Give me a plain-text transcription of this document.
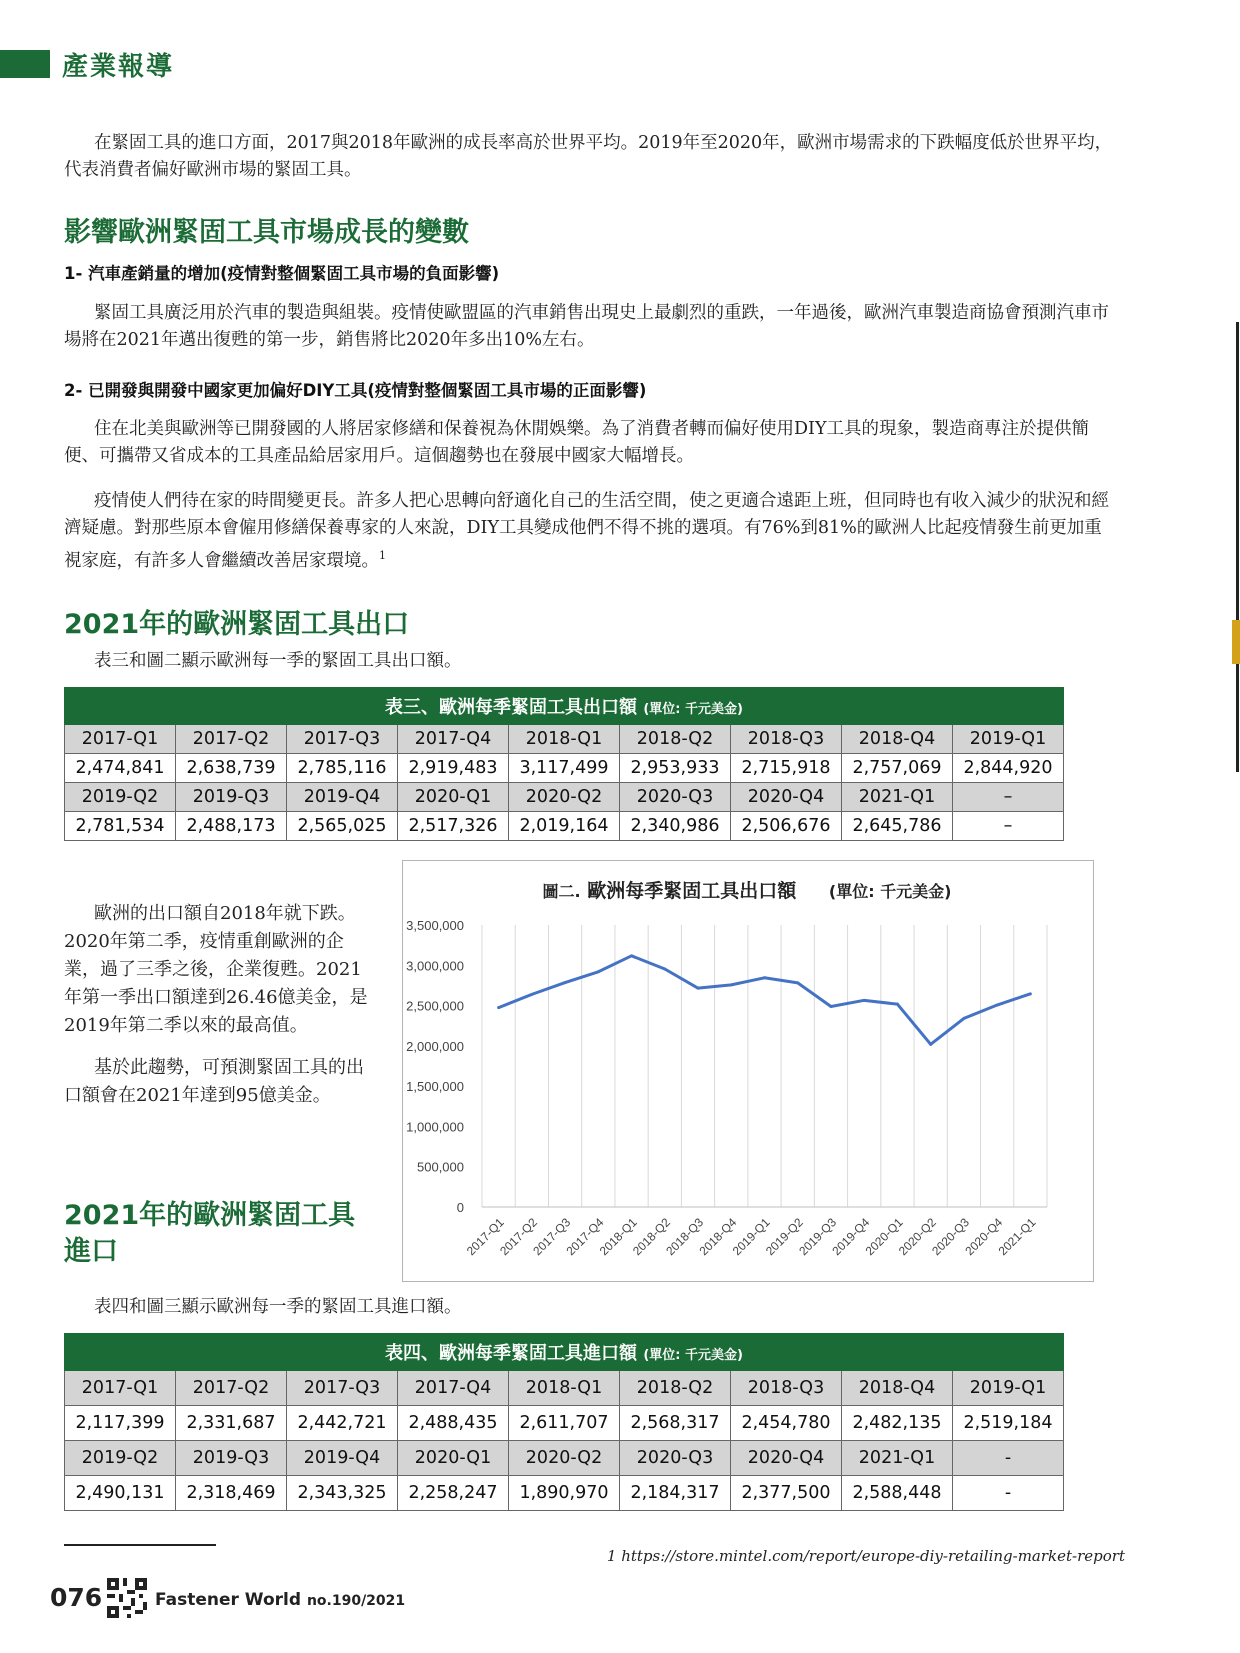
產業報導

在緊固工具的進口方面，2017與2018年歐洲的成長率高於世界平均。2019年至2020年，歐洲市場需求的下跌幅度低於世界平均，代表消費者偏好歐洲市場的緊固工具。

影響歐洲緊固工具市場成長的變數
1- 汽車產銷量的增加(疫情對整個緊固工具市場的負面影響)

緊固工具廣泛用於汽車的製造與組裝。疫情使歐盟區的汽車銷售出現史上最劇烈的重跌，一年過後，歐洲汽車製造商協會預測汽車市場將在2021年邁出復甦的第一步，銷售將比2020年多出10%左右。

2- 已開發與開發中國家更加偏好DIY工具(疫情對整個緊固工具市場的正面影響)

住在北美與歐洲等已開發國的人將居家修繕和保養視為休閒娛樂。為了消費者轉而偏好使用DIY工具的現象，製造商專注於提供簡便、可攜帶又省成本的工具產品給居家用戶。這個趨勢也在發展中國家大幅增長。

疫情使人們待在家的時間變更長。許多人把心思轉向舒適化自己的生活空間，使之更適合遠距上班，但同時也有收入減少的狀況和經濟疑慮。對那些原本會僱用修繕保養專家的人來說，DIY工具變成他們不得不挑的選項。有76%到81%的歐洲人比起疫情發生前更加重視家庭，有許多人會繼續改善居家環境。$^1$

2021年的歐洲緊固工具出口

表三和圖二顯示歐洲每一季的緊固工具出口額。

表三、歐洲每季緊固工具出口額 (單位: 千元美金)								
2017-Q1	2017-Q2	2017-Q3	2017-Q4	2018-Q1	2018-Q2	2018-Q3	2018-Q4	2019-Q1
2,474,841	2,638,739	2,785,116	2,919,483	3,117,499	2,953,933	2,715,918	2,757,069	2,844,920
2019-Q2	2019-Q3	2019-Q4	2020-Q1	2020-Q2	2020-Q3	2020-Q4	2021-Q1	–
2,781,534	2,488,173	2,565,025	2,517,326	2,019,164	2,340,986	2,506,676	2,645,786	–

歐洲的出口額自2018年就下跌。2020年第二季，疫情重創歐洲的企業，過了三季之後，企業復甦。2021年第一季出口額達到26.46億美金，是2019年第二季以來的最高值。

基於此趨勢，可預測緊固工具的出口額會在2021年達到95億美金。

圖二. 歐洲每季緊固工具出口額 (單位: 千元美金)
0
500,000
1,000,000
1,500,000
2,000,000
2,500,000
3,000,000
3,500,000
2017-Q1
2017-Q2
2017-Q3
2017-Q4
2018-Q1
2018-Q2
2018-Q3
2018-Q4
2019-Q1
2019-Q2
2019-Q3
2019-Q4
2020-Q1
2020-Q2
2020-Q3
2020-Q4
2021-Q1
2021年的歐洲緊固工具
進口

表四和圖三顯示歐洲每一季的緊固工具進口額。

表四、歐洲每季緊固工具進口額 (單位: 千元美金)								
2017-Q1	2017-Q2	2017-Q3	2017-Q4	2018-Q1	2018-Q2	2018-Q3	2018-Q4	2019-Q1
2,117,399	2,331,687	2,442,721	2,488,435	2,611,707	2,568,317	2,454,780	2,482,135	2,519,184
2019-Q2	2019-Q3	2019-Q4	2020-Q1	2020-Q2	2020-Q3	2020-Q4	2021-Q1	-
2,490,131	2,318,469	2,343,325	2,258,247	1,890,970	2,184,317	2,377,500	2,588,448	-
1 https://store.mintel.com/report/europe-diy-retailing-market-report
076	Fastener World no.190/2021
